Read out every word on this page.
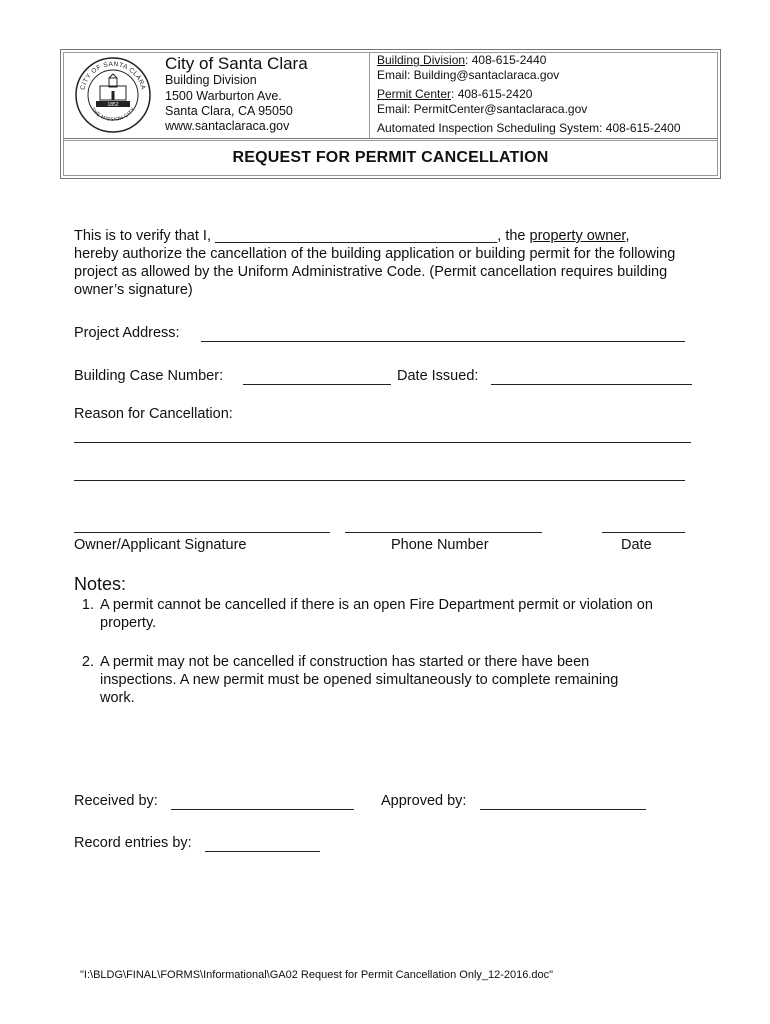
CITY OF SANTA CLARA
THE MISSION CITY
1852
City of Santa Clara
Building Division
1500 Warburton Ave.
Santa Clara, CA 95050
www.santaclaraca.gov
Building Division: 408-615-2440
Email: Building@santaclaraca.gov
Permit Center: 408-615-2420
Email: PermitCenter@santaclaraca.gov
Automated Inspection Scheduling System: 408-615-2400
REQUEST FOR PERMIT CANCELLATION
This is to verify that I, ___________________________________, the property owner,
hereby authorize the cancellation of the building application or building permit for the following project as allowed by the Uniform Administrative Code. (Permit cancellation requires building owner’s signature)
Project Address:
Building Case Number:	Date Issued:
Reason for Cancellation:
Owner/Applicant Signature	Phone Number	Date
Notes:
1. A permit cannot be cancelled if there is an open Fire Department permit or violation on
property.
2. A permit may not be cancelled if construction has started or there have been
inspections. A new permit must be opened simultaneously to complete remaining
work.
Received by:	Approved by:
Record entries by:
"I:\BLDG\FINAL\FORMS\Informational\GA02 Request for Permit Cancellation Only_12-2016.doc"
